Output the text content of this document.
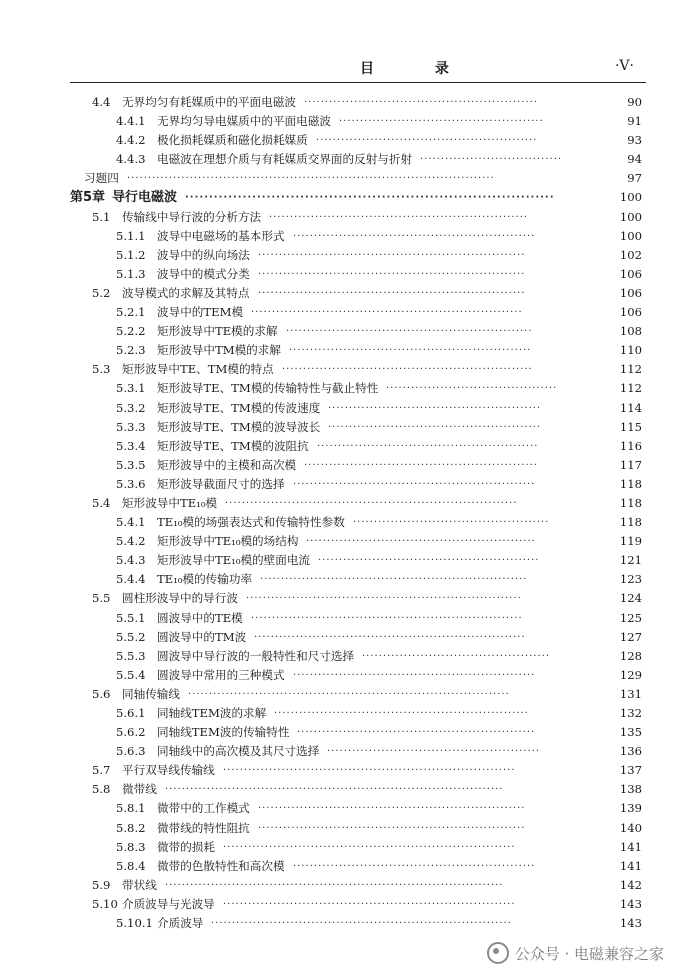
目 录	·V·
4.4 无界均匀有耗媒质中的平面电磁波 ························································	90
4.4.1 无界均匀导电媒质中的平面电磁波 ·················································	91
4.4.2 极化损耗媒质和磁化损耗媒质 ·····················································	93
4.4.3 电磁波在理想介质与有耗媒质交界面的反射与折射 ··································	94
习题四 ························································································	97
第5章 导行电磁波 ·············································································	100
5.1 传输线中导行波的分析方法 ······························································	100
5.1.1 波导中电磁场的基本形式 ··························································	100
5.1.2 波导中的纵向场法 ································································	102
5.1.3 波导中的模式分类 ································································	106
5.2 波导模式的求解及其特点 ································································	106
5.2.1 波导中的TEM模 ·································································	106
5.2.2 矩形波导中TE模的求解 ···························································	108
5.2.3 矩形波导中TM模的求解 ··························································	110
5.3 矩形波导中TE、TM模的特点 ····························································	112
5.3.1 矩形波导TE、TM模的传输特性与截止特性 ·········································	112
5.3.2 矩形波导TE、TM模的传波速度 ···················································	114
5.3.3 矩形波导TE、TM模的波导波长 ···················································	115
5.3.4 矩形波导TE、TM模的波阻抗 ·····················································	116
5.3.5 矩形波导中的主模和高次模 ························································	117
5.3.6 矩形波导截面尺寸的选择 ··························································	118
5.4 矩形波导中TE₁₀模 ······································································	118
5.4.1 TE₁₀模的场强表达式和传输特性参数 ···············································	118
5.4.2 矩形波导中TE₁₀模的场结构 ·······················································	119
5.4.3 矩形波导中TE₁₀模的壁面电流 ·····················································	121
5.4.4 TE₁₀模的传输功率 ································································	123
5.5 圆柱形波导中的导行波 ··································································	124
5.5.1 圆波导中的TE模 ·································································	125
5.5.2 圆波导中的TM波 ·································································	127
5.5.3 圆波导中导行波的一般特性和尺寸选择 ·············································	128
5.5.4 圆波导中常用的三种模式 ··························································	129
5.6 同轴传输线 ·············································································	131
5.6.1 同轴线TEM波的求解 ·····························································	132
5.6.2 同轴线TEM波的传输特性 ·························································	135
5.6.3 同轴线中的高次模及其尺寸选择 ···················································	136
5.7 平行双导线传输线 ······································································	137
5.8 微带线 ·················································································	138
5.8.1 微带中的工作模式 ································································	139
5.8.2 微带线的特性阻抗 ································································	140
5.8.3 微带的损耗 ······································································	141
5.8.4 微带的色散特性和高次模 ··························································	141
5.9 带状线 ·················································································	142
5.10 介质波导与光波导 ······································································	143
5.10.1 介质波导 ········································································	143
公众号 · 电磁兼容之家
